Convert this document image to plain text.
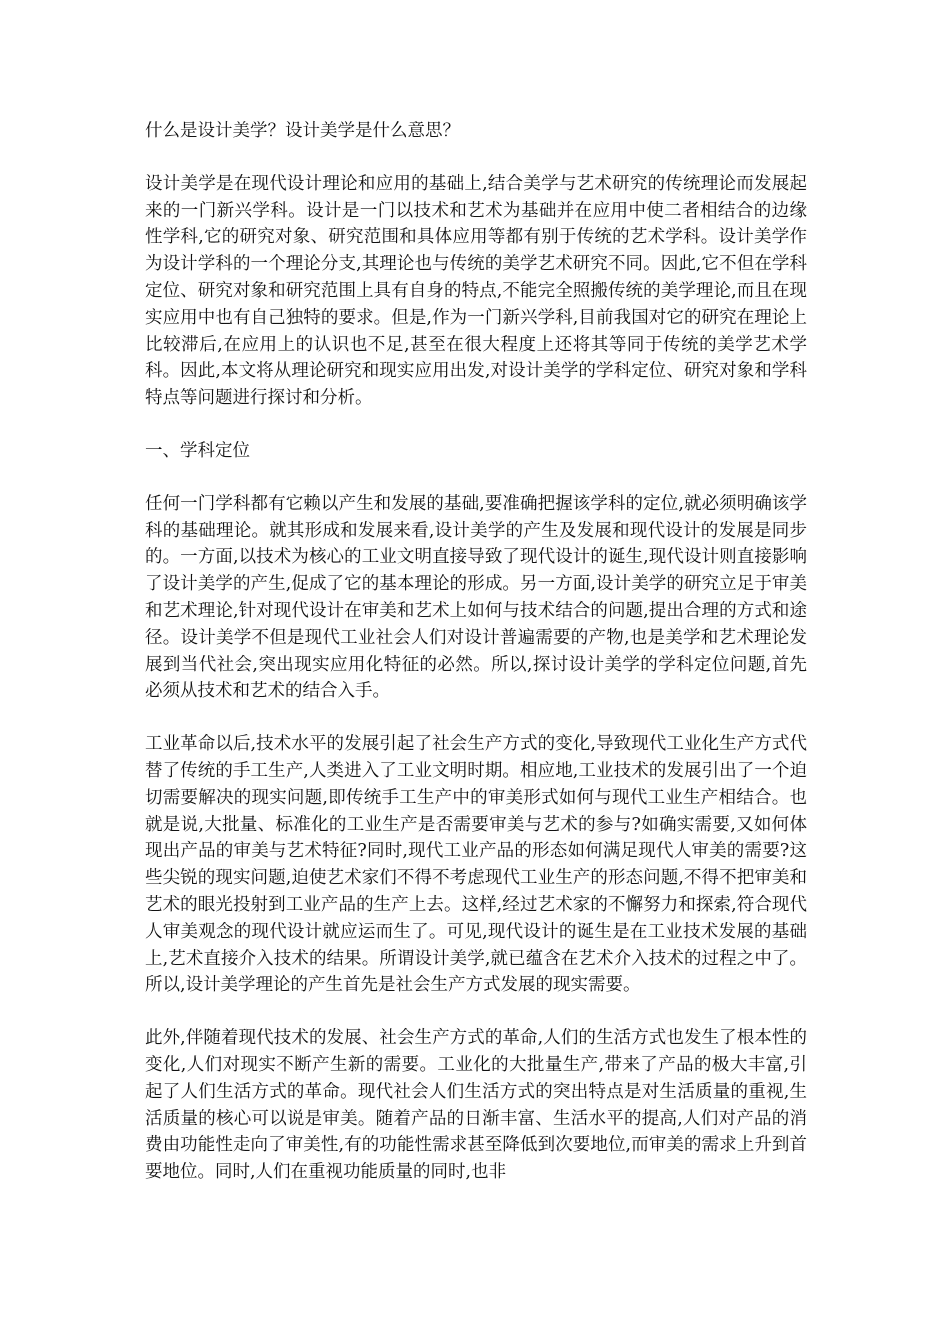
什么是设计美学？设计美学是什么意思？

设计美学是在现代设计理论和应用的基础上,结合美学与艺术研究的传统理论而发展起来的一门新兴学科。设计是一门以技术和艺术为基础并在应用中使二者相结合的边缘性学科,它的研究对象、研究范围和具体应用等都有别于传统的艺术学科。设计美学作为设计学科的一个理论分支,其理论也与传统的美学艺术研究不同。因此,它不但在学科定位、研究对象和研究范围上具有自身的特点,不能完全照搬传统的美学理论,而且在现实应用中也有自己独特的要求。但是,作为一门新兴学科,目前我国对它的研究在理论上比较滞后,在应用上的认识也不足,甚至在很大程度上还将其等同于传统的美学艺术学科。因此,本文将从理论研究和现实应用出发,对设计美学的学科定位、研究对象和学科特点等问题进行探讨和分析。

一、学科定位

任何一门学科都有它赖以产生和发展的基础,要准确把握该学科的定位,就必须明确该学科的基础理论。就其形成和发展来看,设计美学的产生及发展和现代设计的发展是同步的。一方面,以技术为核心的工业文明直接导致了现代设计的诞生,现代设计则直接影响了设计美学的产生,促成了它的基本理论的形成。另一方面,设计美学的研究立足于审美和艺术理论,针对现代设计在审美和艺术上如何与技术结合的问题,提出合理的方式和途径。设计美学不但是现代工业社会人们对设计普遍需要的产物,也是美学和艺术理论发展到当代社会,突出现实应用化特征的必然。所以,探讨设计美学的学科定位问题,首先必须从技术和艺术的结合入手。

工业革命以后,技术水平的发展引起了社会生产方式的变化,导致现代工业化生产方式代替了传统的手工生产,人类进入了工业文明时期。相应地,工业技术的发展引出了一个迫切需要解决的现实问题,即传统手工生产中的审美形式如何与现代工业生产相结合。也就是说,大批量、标准化的工业生产是否需要审美与艺术的参与?如确实需要,又如何体现出产品的审美与艺术特征?同时,现代工业产品的形态如何满足现代人审美的需要?这些尖锐的现实问题,迫使艺术家们不得不考虑现代工业生产的形态问题,不得不把审美和艺术的眼光投射到工业产品的生产上去。这样,经过艺术家的不懈努力和探索,符合现代人审美观念的现代设计就应运而生了。可见,现代设计的诞生是在工业技术发展的基础上,艺术直接介入技术的结果。所谓设计美学,就已蕴含在艺术介入技术的过程之中了。所以,设计美学理论的产生首先是社会生产方式发展的现实需要。

此外,伴随着现代技术的发展、社会生产方式的革命,人们的生活方式也发生了根本性的变化,人们对现实不断产生新的需要。工业化的大批量生产,带来了产品的极大丰富,引起了人们生活方式的革命。现代社会人们生活方式的突出特点是对生活质量的重视,生活质量的核心可以说是审美。随着产品的日渐丰富、生活水平的提高,人们对产品的消费由功能性走向了审美性,有的功能性需求甚至降低到次要地位,而审美的需求上升到首要地位。同时,人们在重视功能质量的同时,也非
